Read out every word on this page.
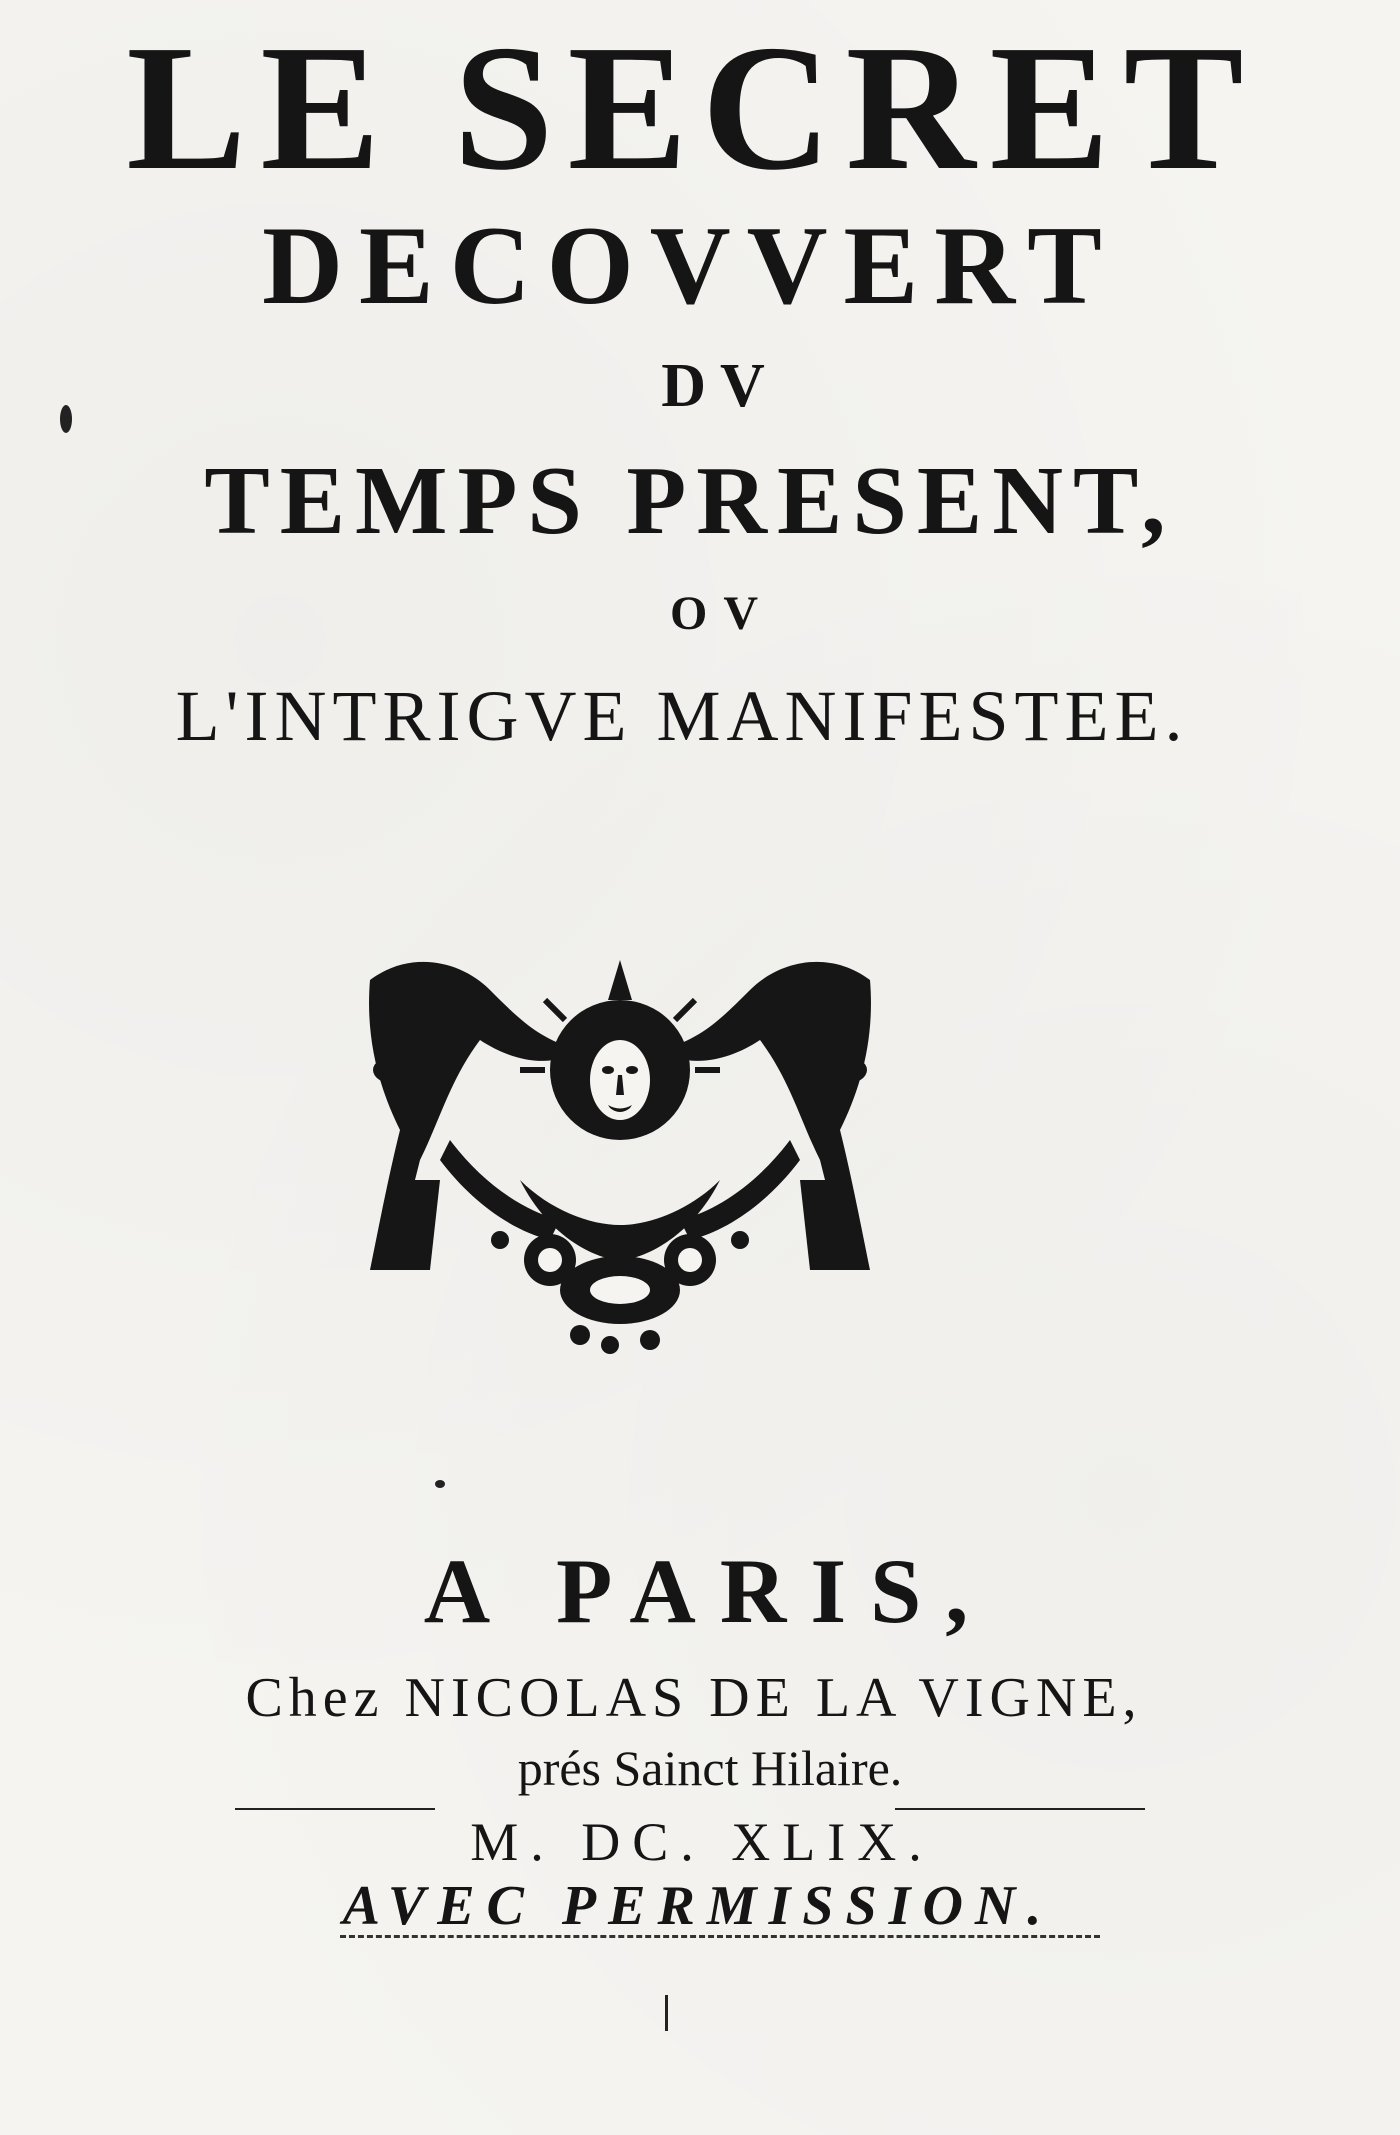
LE SECRET
DECOVVERT
DV
TEMPS PRESENT,
OV
L'INTRIGVE MANIFESTEE.
A PARIS,
Chez NICOLAS DE LA VIGNE,
prés Sainct Hilaire.
M. DC. XLIX.
AVEC PERMISSION.
